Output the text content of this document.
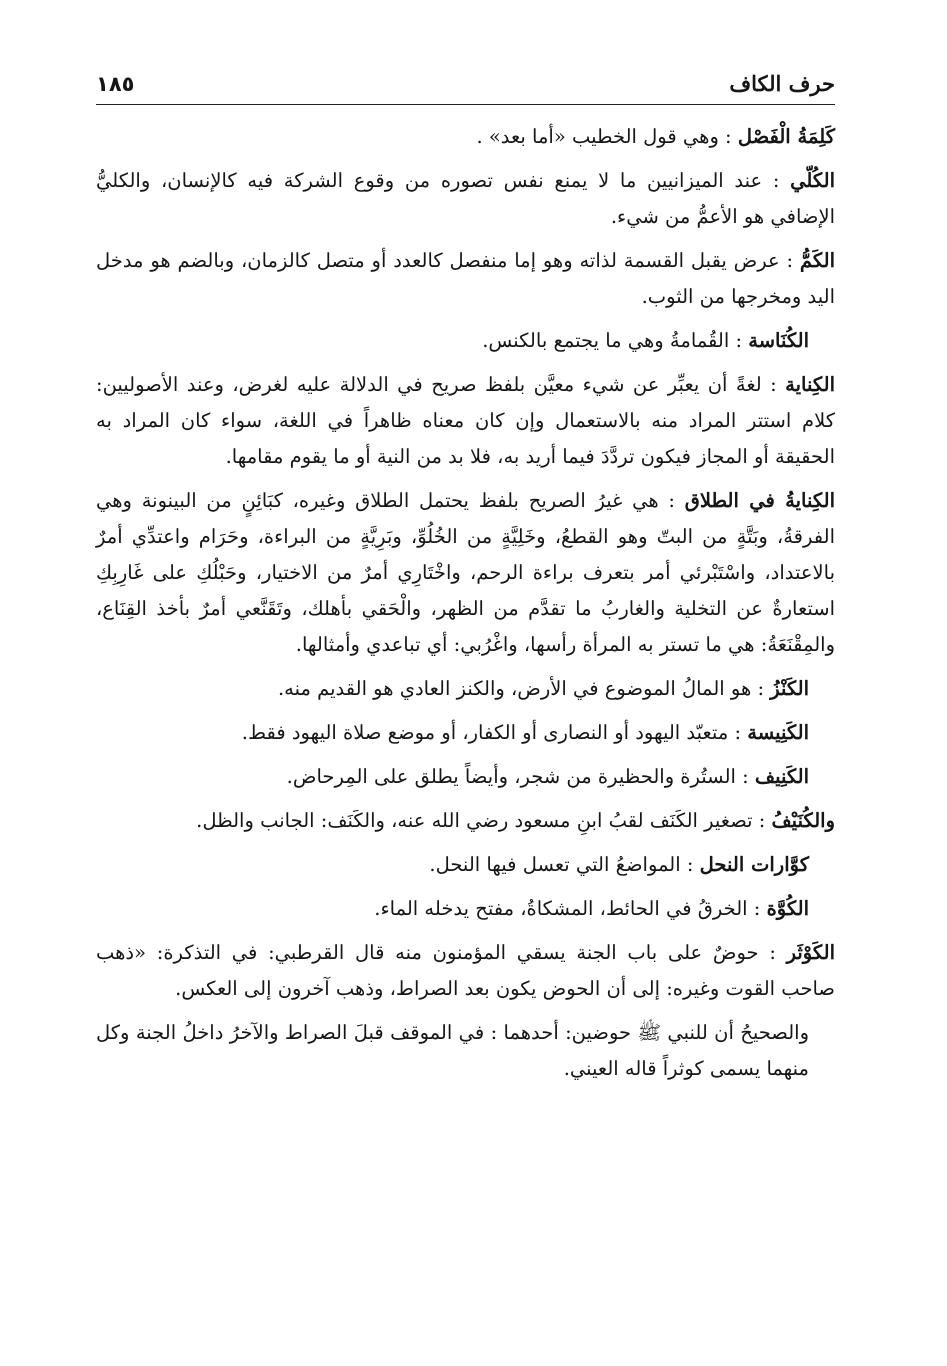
حرف الكاف
١٨٥

كَلِمَةُ الْفَصْل : وهي قول الخطيب «أما بعد» .

الكُلّي : عند الميزانيين ما لا يمنع نفس تصوره من وقوع الشركة فيه كالإنسان، والكليُّ الإضافي هو الأعمُّ من شيء.

الكَمُّ : عرض يقبل القسمة لذاته وهو إما منفصل كالعدد أو متصل كالزمان، وبالضم هو مدخل اليد ومخرجها من الثوب.

الكُنَاسة : القُمامةُ وهي ما يجتمع بالكنس.

الكِناية : لغةً أن يعبِّر عن شيء معيَّن بلفظ صريح في الدلالة عليه لغرض، وعند الأصوليين: كلام استتر المراد منه بالاستعمال وإن كان معناه ظاهراً في اللغة، سواء كان المراد به الحقيقة أو المجاز فيكون تردَّدَ فيما أريد به، فلا بد من النية أو ما يقوم مقامها.

الكِنايةُ في الطلاق : هي غيرُ الصريح بلفظ يحتمل الطلاق وغيره، كبَائِنٍ من البينونة وهي الفرقةُ، وبَتَّةٍ من البتّ وهو القطعُ، وخَلِيَّةٍ من الخُلُوِّ، وبَرِيَّةٍ من البراءة، وحَرَام واعتدِّي أمرٌ بالاعتداد، واسْتَبْرئي أمر بتعرف براءة الرحم، واخْتَارِي أمرٌ من الاختيار، وحَبْلُكِ على غَارِبِكِ استعارةٌ عن التخلية والغاربُ ما تقدَّم من الظهر، والْحَقي بأهلك، وتَقَنَّعي أمرٌ بأخذ القِنَاع، والمِقْنَعَةُ: هي ما تستر به المرأة رأسها، واغْرُبي: أي تباعدي وأمثالها.

الكَنْزُ : هو المالُ الموضوع في الأرض، والكنز العادي هو القديم منه.

الكَنِيسة : متعبّد اليهود أو النصارى أو الكفار، أو موضع صلاة اليهود فقط.

الكَنِيف : الستُرة والحظيرة من شجر، وأيضاً يطلق على المِرحاض.

والكُنَيْفُ : تصغير الكَنَف لقبُ ابنِ مسعود رضي الله عنه، والكَنَف: الجانب والظل.

كوَّارات النحل : المواضعُ التي تعسل فيها النحل.

الكُوَّة : الخرقُ في الحائط، المشكاةُ، مفتح يدخله الماء.

الكَوْثَر : حوضٌ على باب الجنة يسقي المؤمنون منه قال القرطبي: في التذكرة: «ذهب صاحب القوت وغيره: إلى أن الحوض يكون بعد الصراط، وذهب آخرون إلى العكس.

والصحيحُ أن للنبي ﷺ حوضين: أحدهما : في الموقف قبلَ الصراط والآخرُ داخلُ الجنة وكل منهما يسمى كوثراً قاله العيني.
